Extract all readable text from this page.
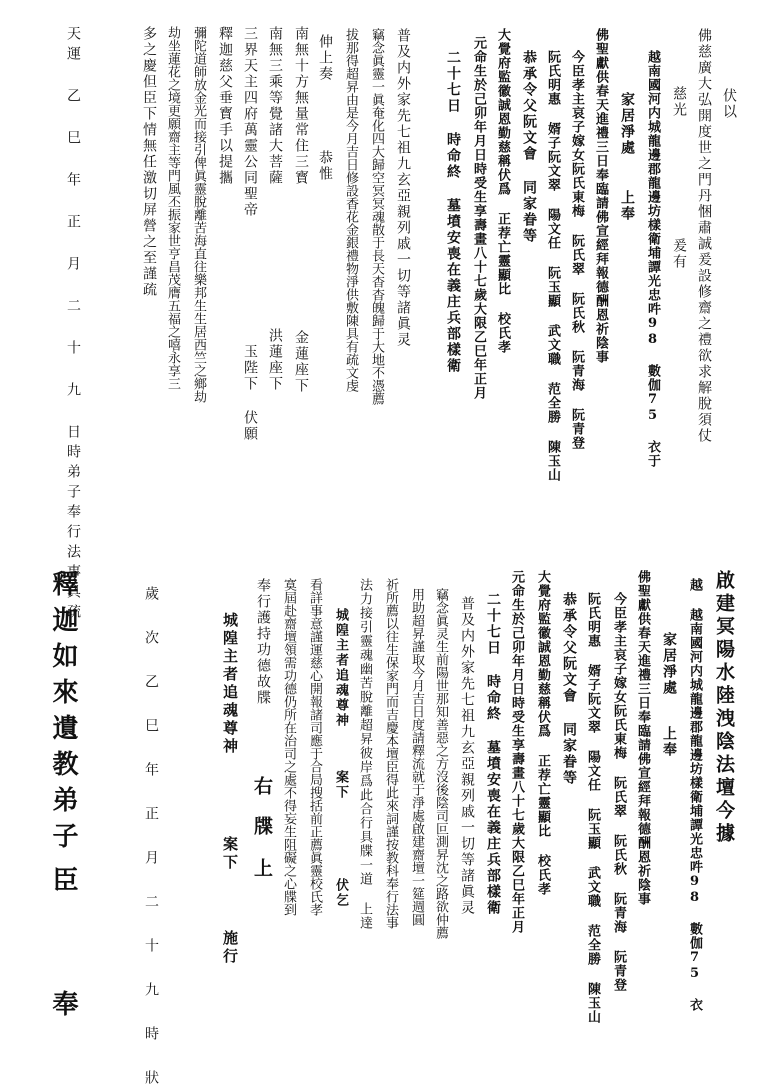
伏以
佛慈廣大弘開度世之門丹悃肅誠爰設修齋之禮欲求解脫須仗
慈光
爰有
越南國河内城龍邊郡龍邊坊樣衛埔譚光忠吽98 數伽75 衣于
家居淨處
上奉
佛聖獻供春天進禮三日奉臨請佛宣經拜報德酬恩祈陰事
今臣孝主哀子嫁女阮氏東梅 阮氏翠 阮氏秋 阮青海 阮青登
阮氏明惠 婿子阮文翠 陽文任 阮玉顯 武文職 范全勝 陳玉山
恭承令父阮文會 同家眷等
大覺府監徽誠恩勤慈稱伏爲 正荐亡靈顯比 校氏孝
元命生於己卯年月日時受生享壽畫八十七歲大限乙巳年正月
二十七日 時命終 墓墳安喪在義庄兵部樣衛
普及内外家先七祖九玄亞親列戚一切等諸眞灵
竊念眞靈一眞奄化四大歸空冥冥魂散于長天杳杳魄歸于大地不憑薦
拔那得超昇由是今月吉日修設香花金銀禮物淨供敷陳具有疏文虔
伸上奏
恭惟
南無十方無量常住三寳
金蓮座下
南無三乘等覺諸大菩薩
洪蓮座下
三界天主四府萬靈公同聖帝
玉陛下 伏願
釋迦慈父垂寳手以提攜
彌陀道師放金光而接引俾眞靈脫離苦海直往樂邦生生居西竺之鄉劫
劫坐蓮花之境更願齋主等門風丕振家世亨昌茂膺五福之嘻永享三
多之慶但臣下情無任激切屏營之至謹疏
天運 乙 巳 年 正 月 二 十 九 日時弟子奉行法事具疏
啟建冥陽水陸洩陰法壇今據
越 越南國河内城龍邊郡龍邊坊樣衛埔譚光忠吽98 數伽75 衣
家居淨處
上奉
佛聖獻供春天進禮三日奉臨請佛宣經拜報德酬恩祈陰事
今臣孝主哀子嫁女阮氏東梅 阮氏翠 阮氏秋 阮青海 阮青登
阮氏明惠 婿子阮文翠 陽文任 阮玉顯 武文職 范全勝 陳玉山
恭承令父阮文會 同家眷等
大覺府監徽誠恩勤慈稱伏爲 正荐亡靈顯比 校氏孝
元命生於己卯年月日時受生享壽畫八十七歲大限乙巳年正月
二十七日 時命終 墓墳安喪在義庄兵部樣衛
普及内外家先七祖九玄亞親列戚一切等諸眞灵
竊念眞灵生前陽世那知善惡之方沒後陰司叵測昇沈之路欲仲薦
用助超昇謹取今月吉日度請釋流就于淨處啟建齋壇一筵週圓
祈所薦以往生保家門而吉慶本壇臣得此來詞謹按教科奉行法事
法力接引靈魂幽苦脫離超昇彼岸爲此合行具牒一道 上達
城隍主者追魂尊神
案下
伏乞
看詳事意謹運慈心開報諸司應于合局搜括前正薦眞靈校氏孝
寞屆赴齋壇領需功德仍所在治司之處不得妄生阻礙之心牒到
奉行護持功德故牒
右
牒
上
城隍主者追魂尊神
案下
施行
歲 次 乙 巳 年 正 月 二 十 九 時 狀
釋迦如來遺教弟子
臣
奉
